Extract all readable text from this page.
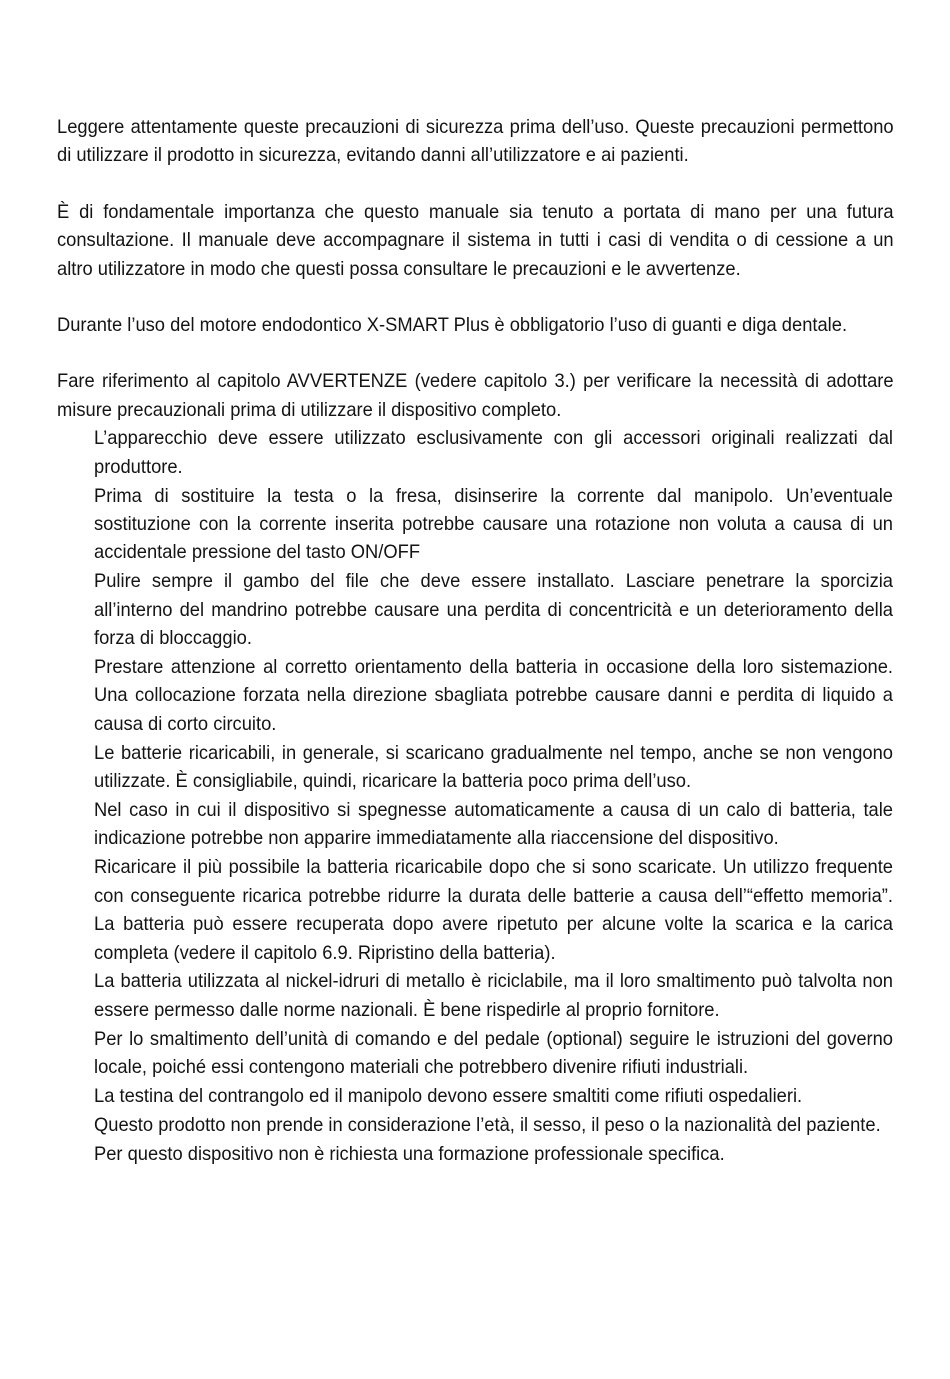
Leggere attentamente queste precauzioni di sicurezza prima dell’uso. Queste precauzioni permettono di utilizzare il prodotto in sicurezza, evitando danni all’utilizzatore e ai pazienti.

È di fondamentale importanza che questo manuale sia tenuto a portata di mano per una futura consultazione. Il manuale deve accompagnare il sistema in tutti i casi di vendita o di cessione a un altro utilizzatore in modo che questi possa consultare le precauzioni e le avvertenze.

Durante l’uso del motore endodontico X-SMART Plus è obbligatorio l’uso di guanti e diga dentale.

Fare riferimento al capitolo AVVERTENZE (vedere capitolo 3.) per verificare la necessità di adottare misure precauzionali prima di utilizzare il dispositivo completo.

L’apparecchio deve essere utilizzato esclusivamente con gli accessori originali realizzati dal produttore.
Prima di sostituire la testa o la fresa, disinserire la corrente dal manipolo. Un’eventuale sostituzione con la corrente inserita potrebbe causare una rotazione non voluta a causa di un accidentale pressione del tasto ON/OFF
Pulire sempre il gambo del file che deve essere installato. Lasciare penetrare la sporcizia all’interno del mandrino potrebbe causare una perdita di concentricità e un deterioramento della forza di bloccaggio.
Prestare attenzione al corretto orientamento della batteria in occasione della loro sistemazione. Una collocazione forzata nella direzione sbagliata potrebbe causare danni e perdita di liquido a causa di corto circuito.
Le batterie ricaricabili, in generale, si scaricano gradualmente nel tempo, anche se non vengono utilizzate. È consigliabile, quindi, ricaricare la batteria poco prima dell’uso.
Nel caso in cui il dispositivo si spegnesse automaticamente a causa di un calo di batteria, tale indicazione potrebbe non apparire immediatamente alla riaccensione del dispositivo.
Ricaricare il più possibile la batteria ricaricabile dopo che si sono scaricate. Un utilizzo frequente con conseguente ricarica potrebbe ridurre la durata delle batterie a causa dell’“effetto memoria”. La batteria può essere recuperata dopo avere ripetuto per alcune volte la scarica e la carica completa (vedere il capitolo 6.9. Ripristino della batteria).
La batteria utilizzata al nickel-idruri di metallo è riciclabile, ma il loro smaltimento può talvolta non essere permesso dalle norme nazionali. È bene rispedirle al proprio fornitore.
Per lo smaltimento dell’unità di comando e del pedale (optional) seguire le istruzioni del governo locale, poiché essi contengono materiali che potrebbero divenire rifiuti industriali.
La testina del contrangolo ed il manipolo devono essere smaltiti come rifiuti ospedalieri.
Questo prodotto non prende in considerazione l’età, il sesso, il peso o la nazionalità del paziente.
Per questo dispositivo non è richiesta una formazione professionale specifica.
